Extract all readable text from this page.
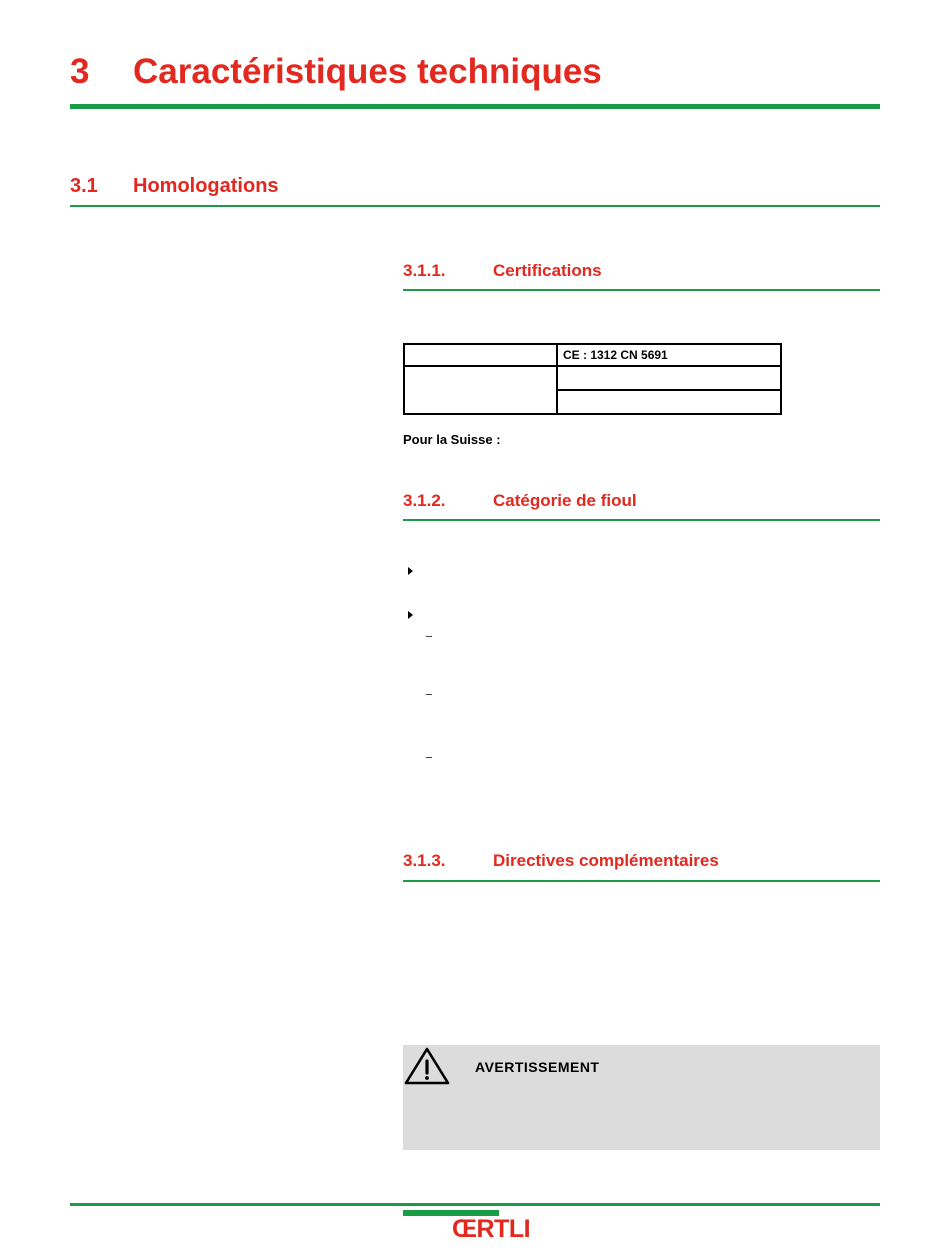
3 Caractéristiques techniques
3.1 Homologations
3.1.1.	Certifications
	CE : 1312 CN 5691

Pour la Suisse :
3.1.2.	Catégorie de fioul
3.1.3.	Directives complémentaires
AVERTISSEMENT
ŒRTLI
